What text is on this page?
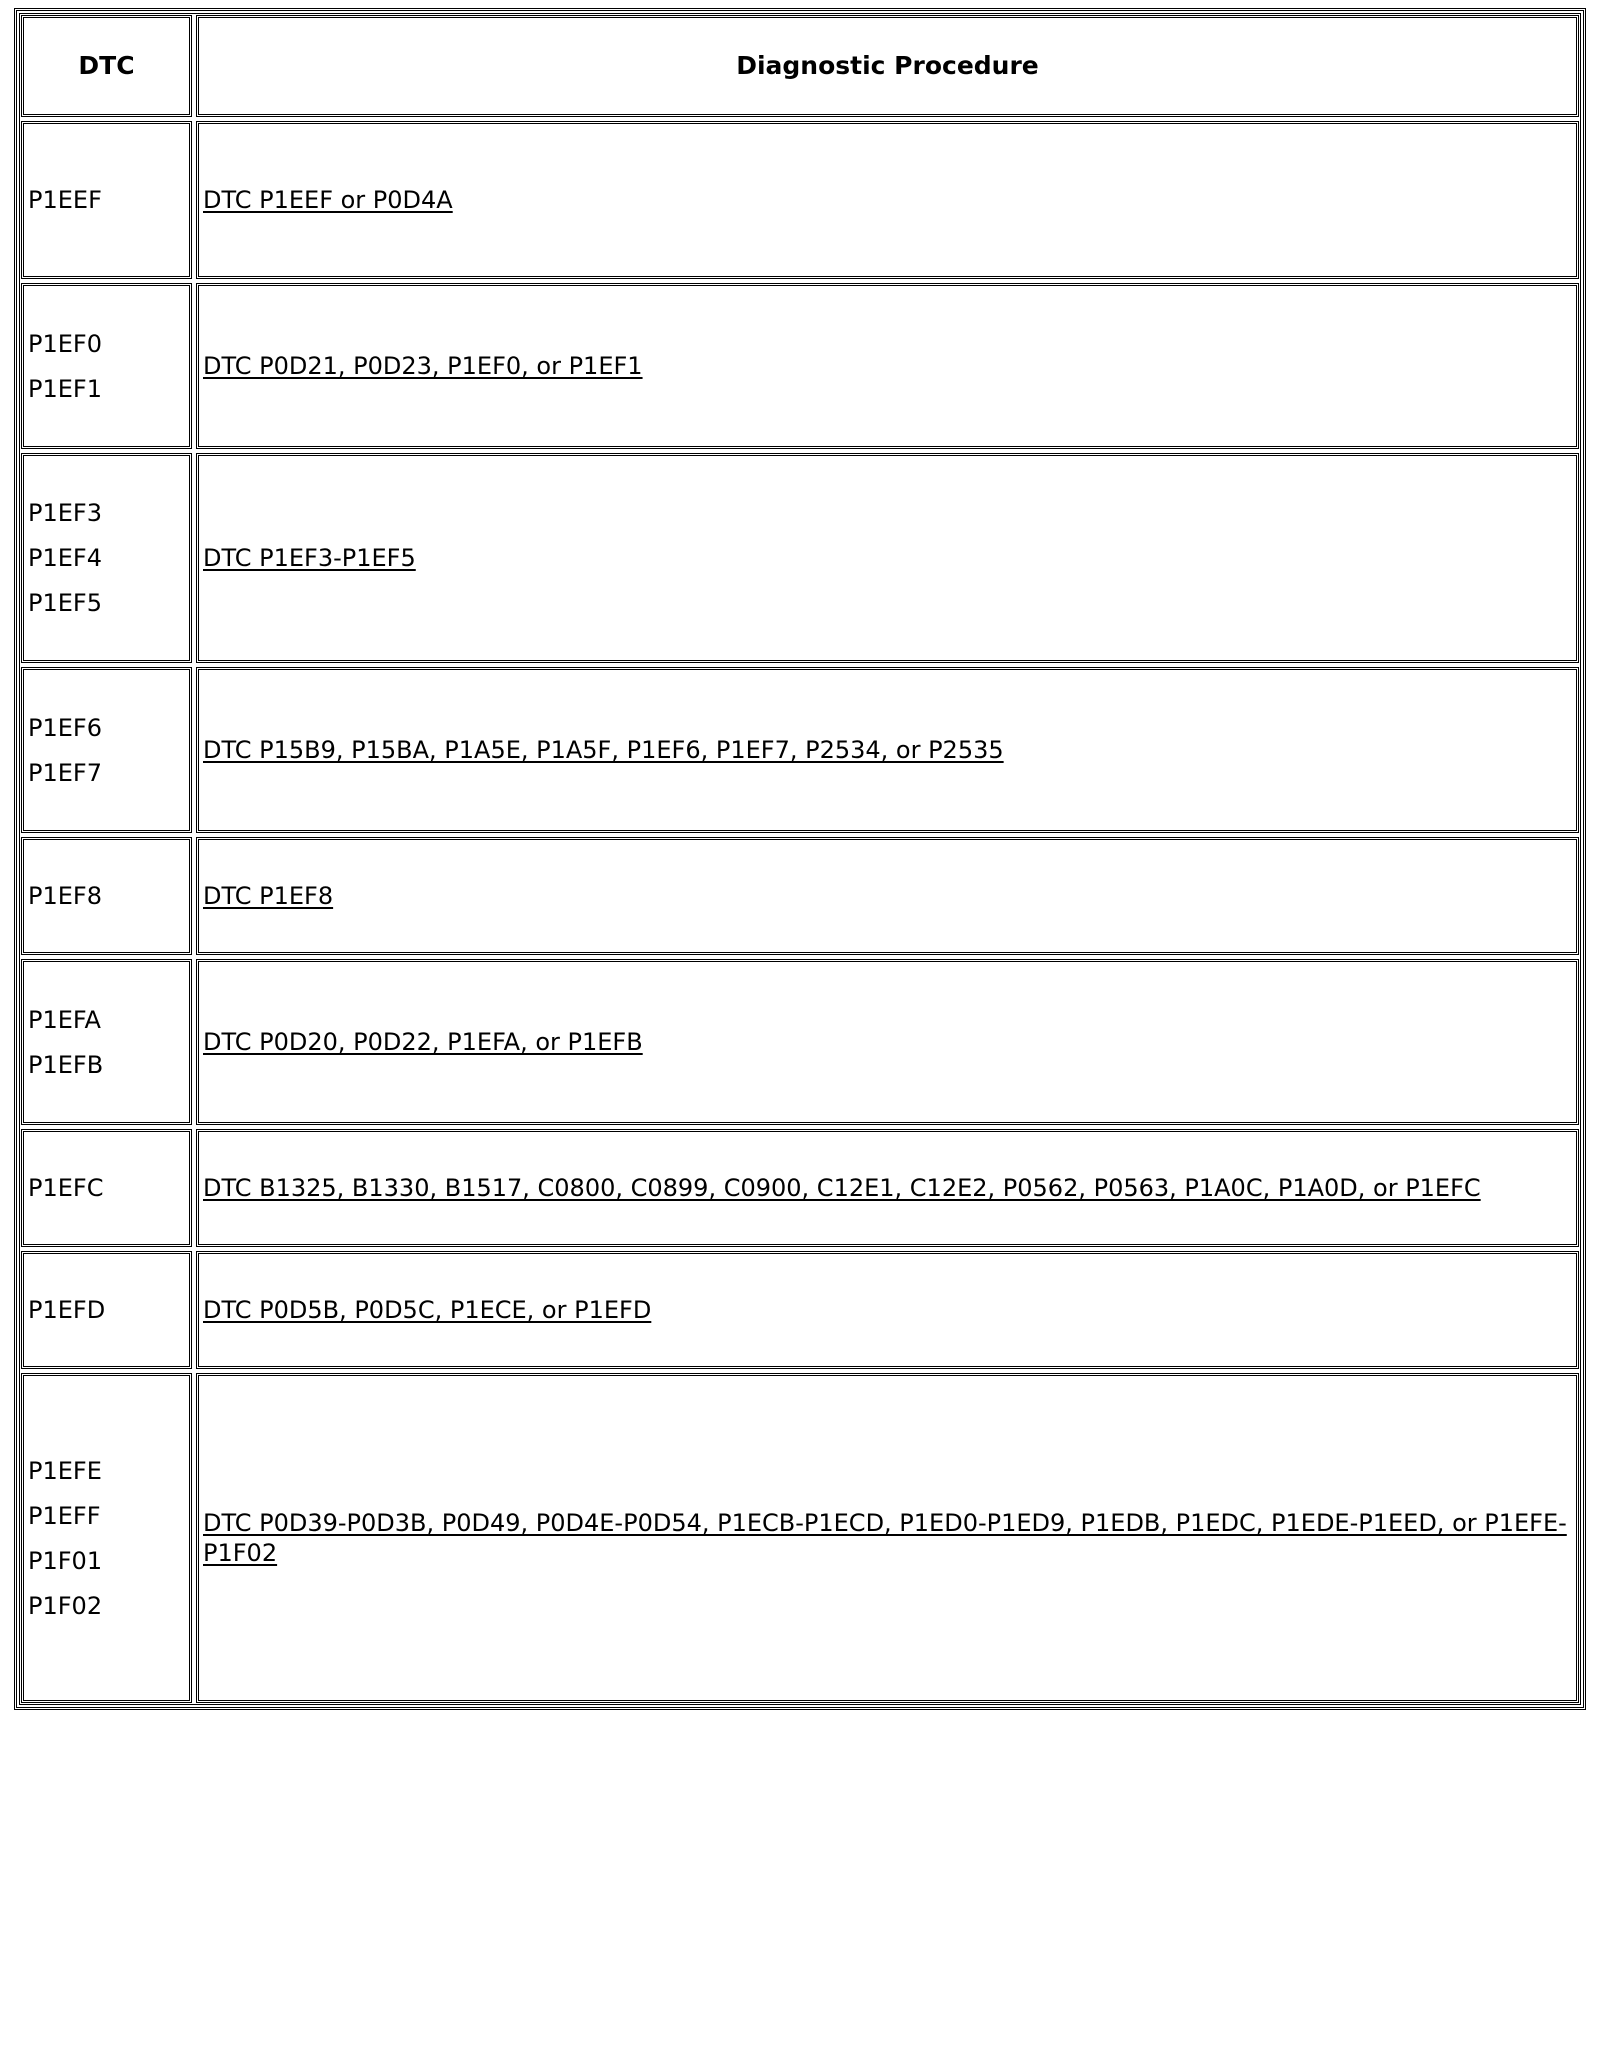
DTC	Diagnostic Procedure

P1EEF	DTC P1EEF or P0D4A

P1EF0
P1EF1	DTC P0D21, P0D23, P1EF0, or P1EF1

P1EF3
P1EF4
P1EF5	DTC P1EF3-P1EF5

P1EF6
P1EF7	DTC P15B9, P15BA, P1A5E, P1A5F, P1EF6, P1EF7, P2534, or P2535

P1EF8	DTC P1EF8

P1EFA
P1EFB	DTC P0D20, P0D22, P1EFA, or P1EFB

P1EFC	DTC B1325, B1330, B1517, C0800, C0899, C0900, C12E1, C12E2, P0562, P0563, P1A0C, P1A0D, or P1EFC

P1EFD	DTC P0D5B, P0D5C, P1ECE, or P1EFD

P1EFE
P1EFF
P1F01
P1F02	DTC P0D39-P0D3B, P0D49, P0D4E-P0D54, P1ECB-P1ECD, P1ED0-P1ED9, P1EDB, P1EDC, P1EDE-P1EED, or P1EFE-P1F02
